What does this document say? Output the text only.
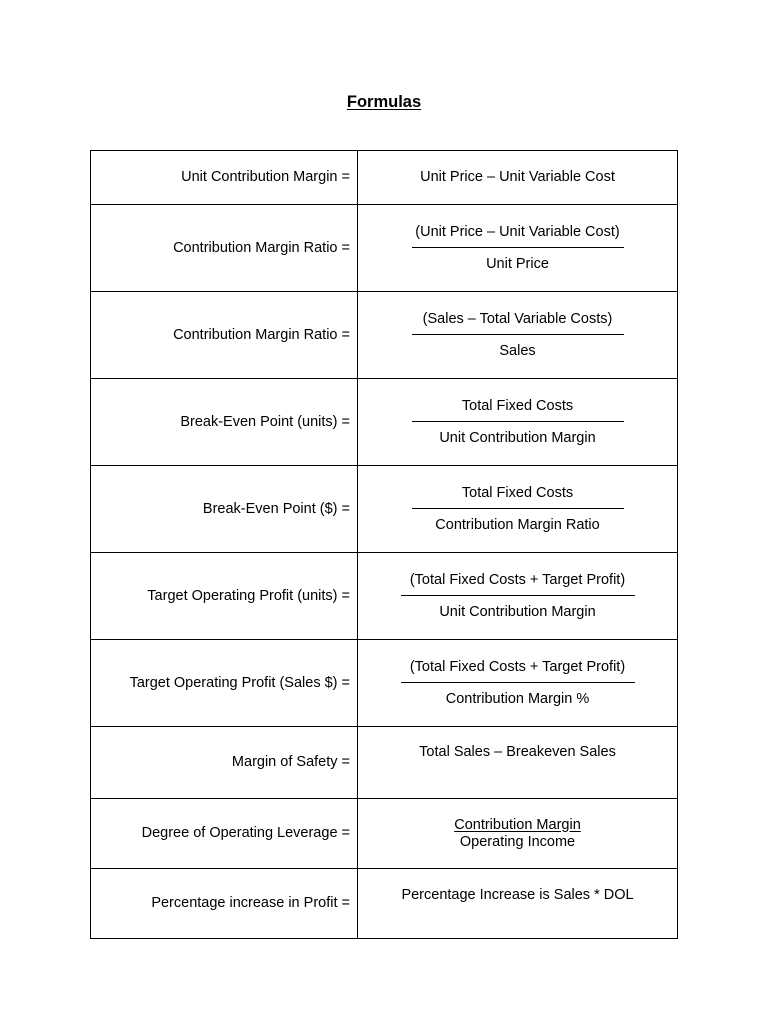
Formulas
Unit Contribution Margin =	Unit Price – Unit Variable Cost
Contribution Margin Ratio =	$\frac{\text{(Unit Price – Unit Variable Cost)}}{\text{Unit Price}}$

Contribution Margin Ratio =	$\frac{\text{(Sales – Total Variable Costs)}}{\text{Sales}}$

Break-Even Point (units) =	$\frac{\text{Total Fixed Costs}}{\text{Unit Contribution Margin}}$

Break-Even Point ($) =	$\frac{\text{Total Fixed Costs}}{\text{Contribution Margin Ratio}}$

Target Operating Profit (units) =	$\frac{\text{(Total Fixed Costs + Target Profit)}}{\text{Unit Contribution Margin}}$

Target Operating Profit (Sales $) =	$\frac{\text{(Total Fixed Costs + Target Profit)}}{\text{Contribution Margin \%}}$

Margin of Safety =	Total Sales – Breakeven Sales

Degree of Operating Leverage =	Contribution Margin
Operating Income

Percentage increase in Profit =	Percentage Increase is Sales * DOL
